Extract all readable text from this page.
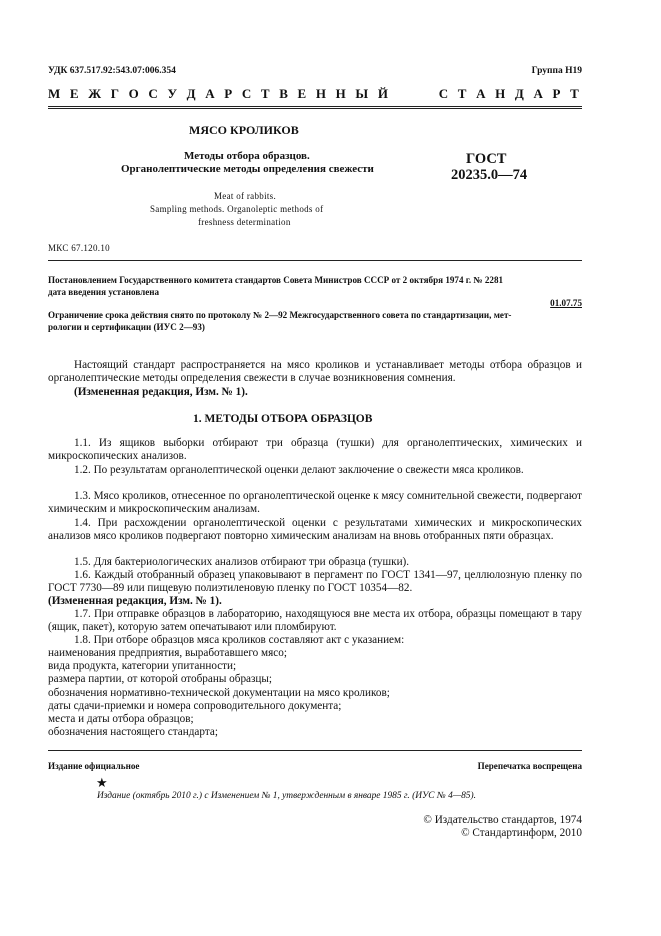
УДК 637.517.92:543.07:006.354	Группа Н19
М Е Ж Г О С У Д А Р С Т В Е Н Н Ы Й	С Т А Н Д А Р Т
МЯСО КРОЛИКОВ
Методы отбора образцов.
Органолептические методы определения свежести
Meat of rabbits.
Sampling methods. Organoleptic methods of
freshness determination
ГОСТ
20235.0—74
МКС 67.120.10
Постановлением Государственного комитета стандартов Совета Министров СССР от 2 октября 1974 г. № 2281
дата введения установлена
01.07.75
Ограничение срока действия снято по протоколу № 2—92 Межгосударственного совета по стандартизации, мет-
рологии и сертификации (ИУС 2—93)
Настоящий стандарт распространяется на мясо кроликов и устанавливает методы отбора образцов и органолептические методы определения свежести в случае возникновения сомнения.
(Измененная редакция, Изм. № 1).
1. МЕТОДЫ ОТБОРА ОБРАЗЦОВ
1.1. Из ящиков выборки отбирают три образца (тушки) для органолептических, химических и микроскопических анализов.
1.2. По результатам органолептической оценки делают заключение о свежести мяса кроликов.
1.3. Мясо кроликов, отнесенное по органолептической оценке к мясу сомнительной свежести, подвергают химическим и микроскопическим анализам.
1.4. При расхождении органолептической оценки с результатами химических и микроскопических анализов мясо кроликов подвергают повторно химическим анализам на вновь отобранных пяти образцах.
1.5. Для бактериологических анализов отбирают три образца (тушки).
1.6. Каждый отобранный образец упаковывают в пергамент по ГОСТ 1341—97, целлюлозную пленку по ГОСТ 7730—89 или пищевую полиэтиленовую пленку по ГОСТ 10354—82.
(Измененная редакция, Изм. № 1).
1.7. При отправке образцов в лабораторию, находящуюся вне места их отбора, образцы помещают в тару (ящик, пакет), которую затем опечатывают или пломбируют.
1.8. При отборе образцов мяса кроликов составляют акт с указанием:
наименования предприятия, выработавшего мясо;
вида продукта, категории упитанности;
размера партии, от которой отобраны образцы;
обозначения нормативно-технической документации на мясо кроликов;
даты сдачи-приемки и номера сопроводительного документа;
места и даты отбора образцов;
обозначения настоящего стандарта;
Издание официальное	Перепечатка воспрещена
★
Издание (октябрь 2010 г.) с Изменением № 1, утвержденным в январе 1985 г. (ИУС № 4—85).
© Издательство стандартов, 1974
© Стандартинформ, 2010
